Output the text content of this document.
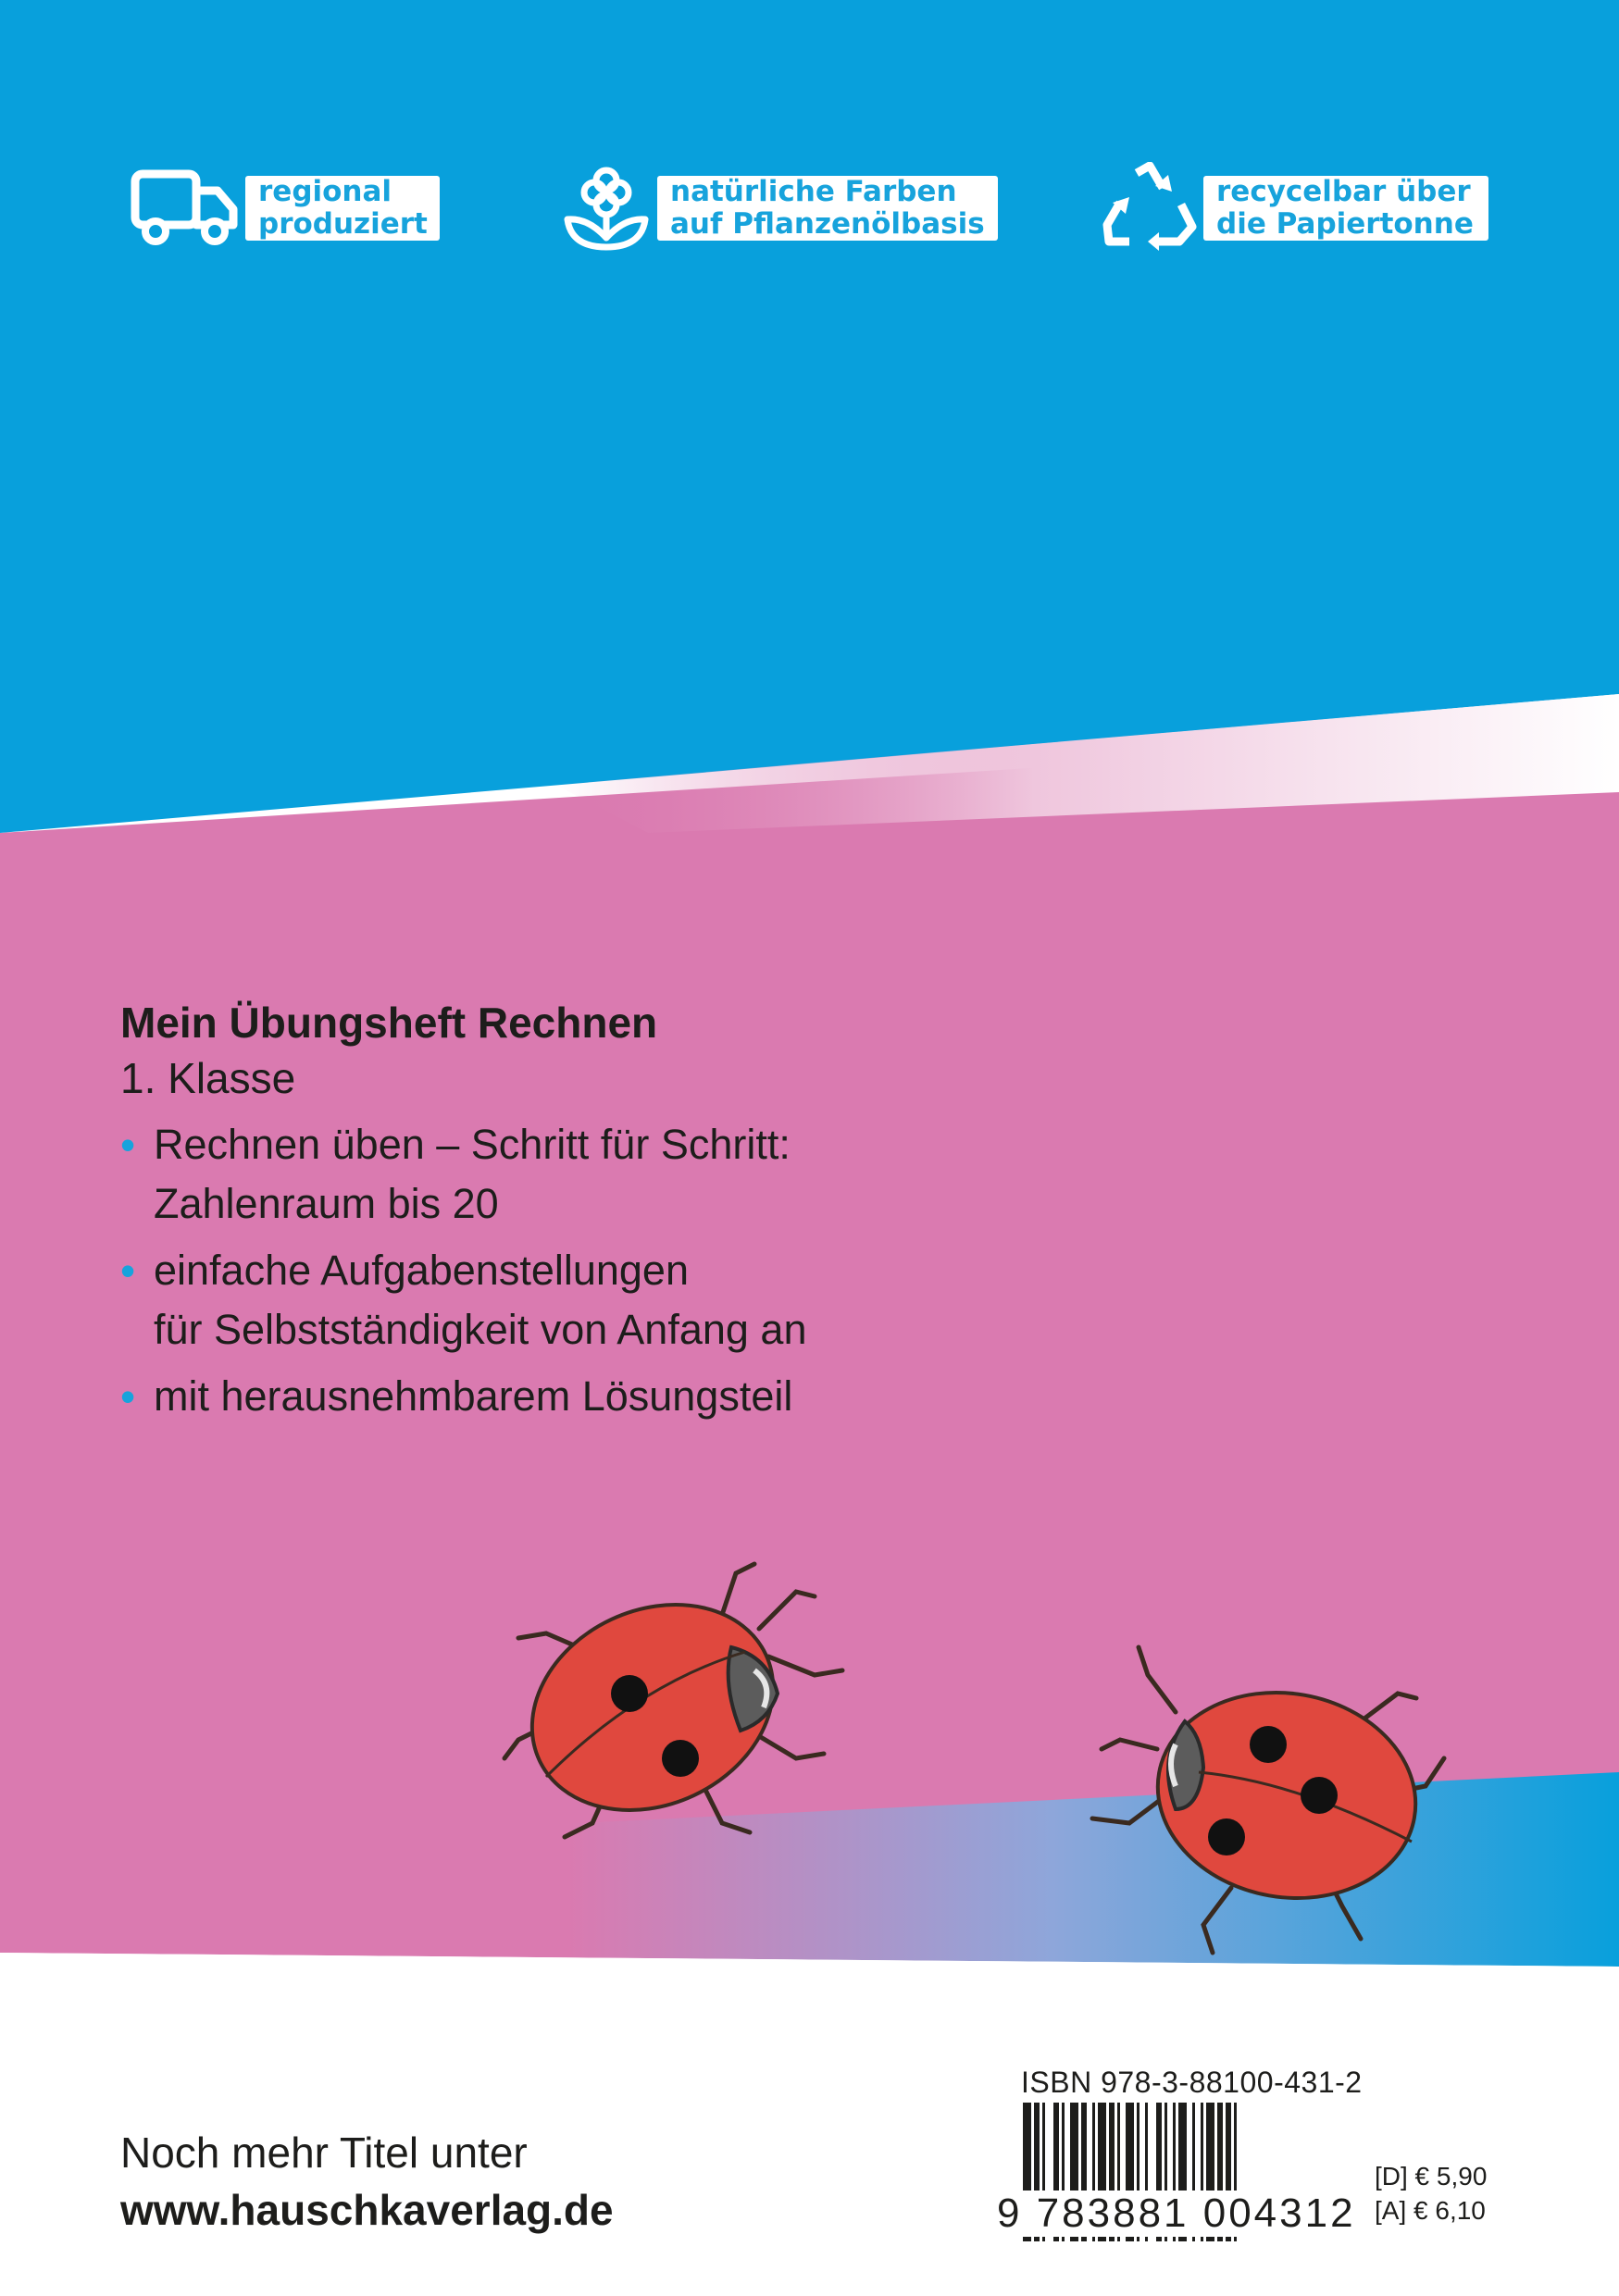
regional
produziert
natürliche Farben
auf Pflanzenölbasis
recycelbar über
die Papiertonne

Mein Übungsheft Rechnen

1. Klasse

• Rechnen üben – Schritt für Schritt:
Zahlenraum bis 20
• einfache Aufgabenstellungen
für Selbstständigkeit von Anfang an
• mit herausnehmbarem Lösungsteil
Noch mehr Titel unter
www.hauschkaverlag.de
ISBN 978-3-88100-431-2
9 783881 004312
[D] € 5,90
[A] € 6,10
